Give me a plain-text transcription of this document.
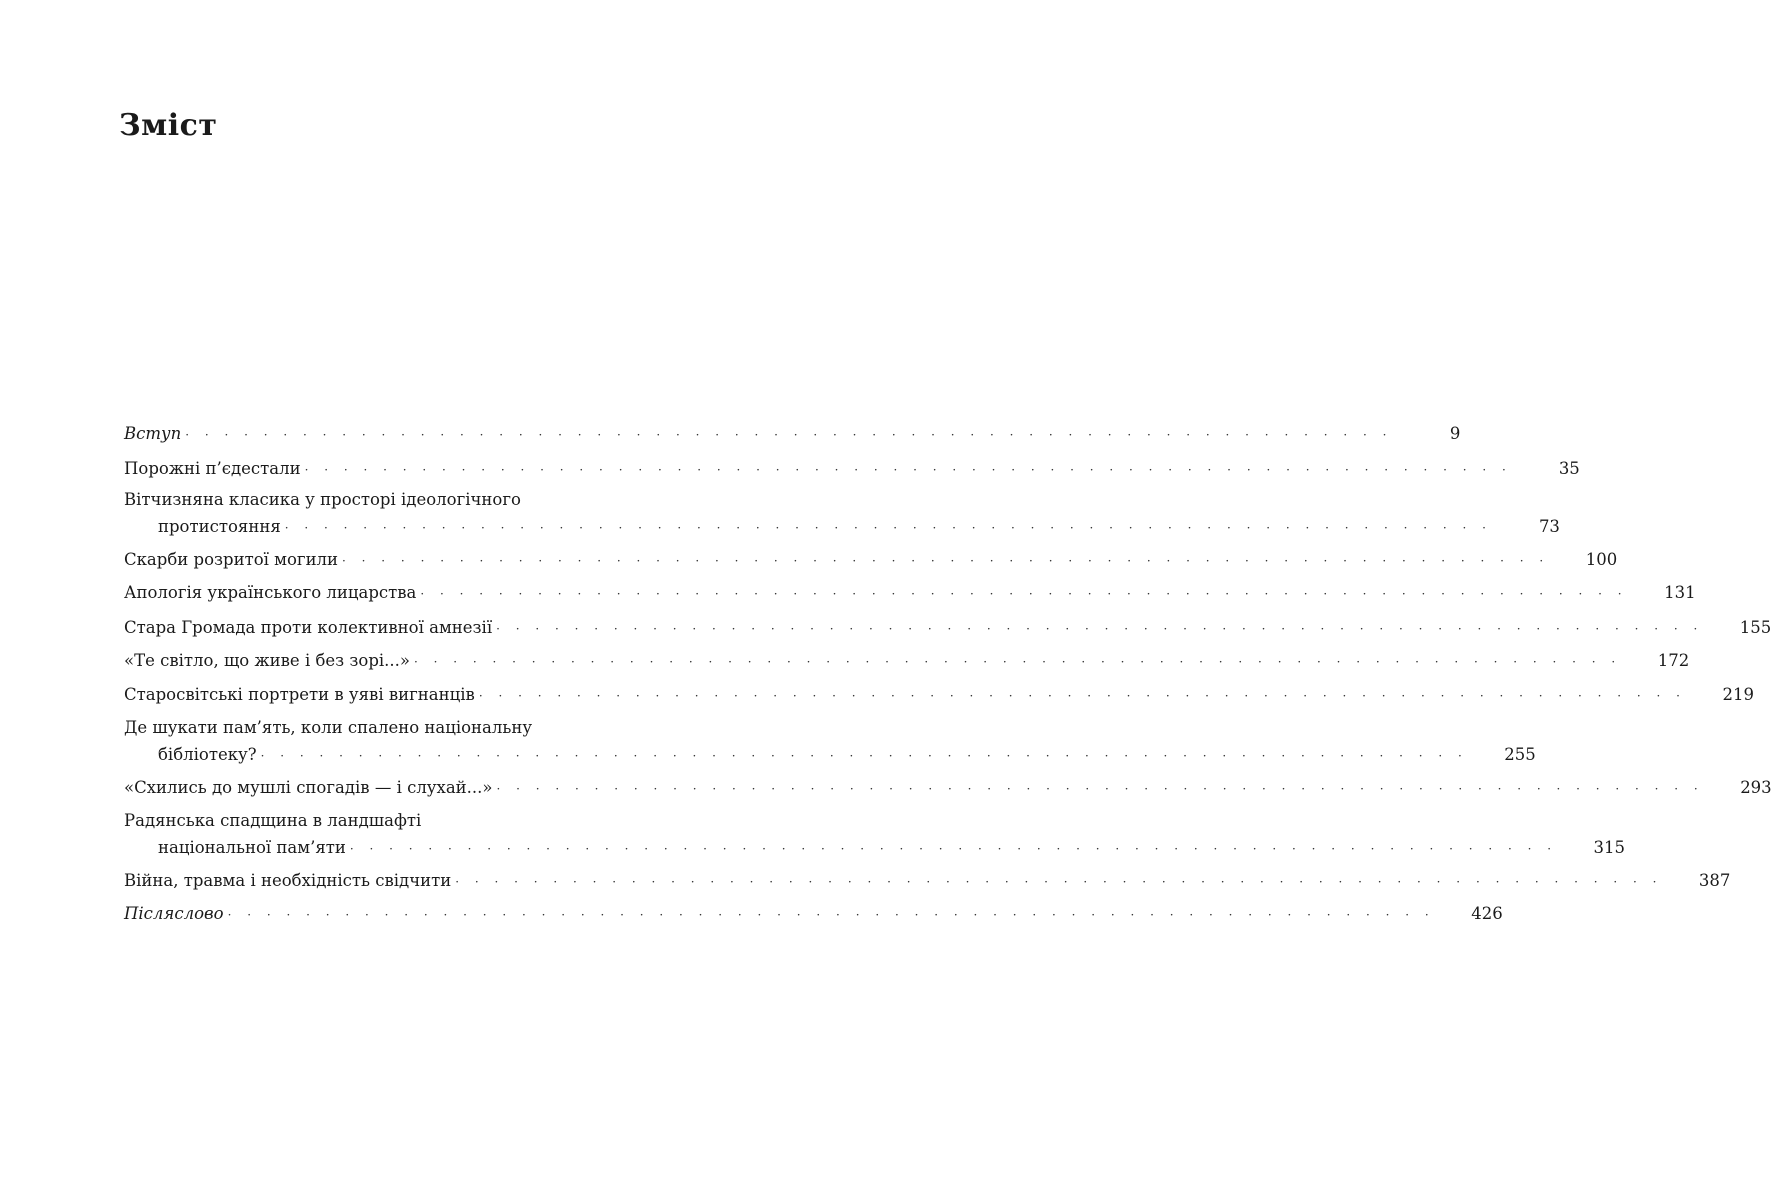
Зміст
Вступ · · · · · · · · · · · · · · · · · · · · · · · · · · · · · · · · · · · · · · · · · · · · · · · · · · · · · · · · · · · · · ·	9
Порожні п’єдестали · · · · · · · · · · · · · · · · · · · · · · · · · · · · · · · · · · · · · · · · · · · · · · · · · · · · · · · · · · · · · ·	35
Вітчизняна класика у просторі ідеологічного
протистояння · · · · · · · · · · · · · · · · · · · · · · · · · · · · · · · · · · · · · · · · · · · · · · · · · · · · · · · · · · · · · ·	73
Скарби розритої могили · · · · · · · · · · · · · · · · · · · · · · · · · · · · · · · · · · · · · · · · · · · · · · · · · · · · · · · · · · · · · ·	100
Апологія українського лицарства · · · · · · · · · · · · · · · · · · · · · · · · · · · · · · · · · · · · · · · · · · · · · · · · · · · · · · · · · · · · · ·	131
Стара Громада проти колективної амнезії · · · · · · · · · · · · · · · · · · · · · · · · · · · · · · · · · · · · · · · · · · · · · · · · · · · · · · · · · · · · · ·	155
«Те світло, що живе і без зорі...» · · · · · · · · · · · · · · · · · · · · · · · · · · · · · · · · · · · · · · · · · · · · · · · · · · · · · · · · · · · · · ·	172
Старосвітські портрети в уяві вигнанців · · · · · · · · · · · · · · · · · · · · · · · · · · · · · · · · · · · · · · · · · · · · · · · · · · · · · · · · · · · · · ·	219
Де шукати пам’ять, коли спалено національну
бібліотеку? · · · · · · · · · · · · · · · · · · · · · · · · · · · · · · · · · · · · · · · · · · · · · · · · · · · · · · · · · · · · · ·	255
«Схились до мушлі спогадів — і слухай...» · · · · · · · · · · · · · · · · · · · · · · · · · · · · · · · · · · · · · · · · · · · · · · · · · · · · · · · · · · · · · ·	293
Радянська спадщина в ландшафті
національної пам’яти · · · · · · · · · · · · · · · · · · · · · · · · · · · · · · · · · · · · · · · · · · · · · · · · · · · · · · · · · · · · · ·	315
Війна, травма і необхідність свідчити · · · · · · · · · · · · · · · · · · · · · · · · · · · · · · · · · · · · · · · · · · · · · · · · · · · · · · · · · · · · · ·	387
Післяслово · · · · · · · · · · · · · · · · · · · · · · · · · · · · · · · · · · · · · · · · · · · · · · · · · · · · · · · · · · · · · ·	426
